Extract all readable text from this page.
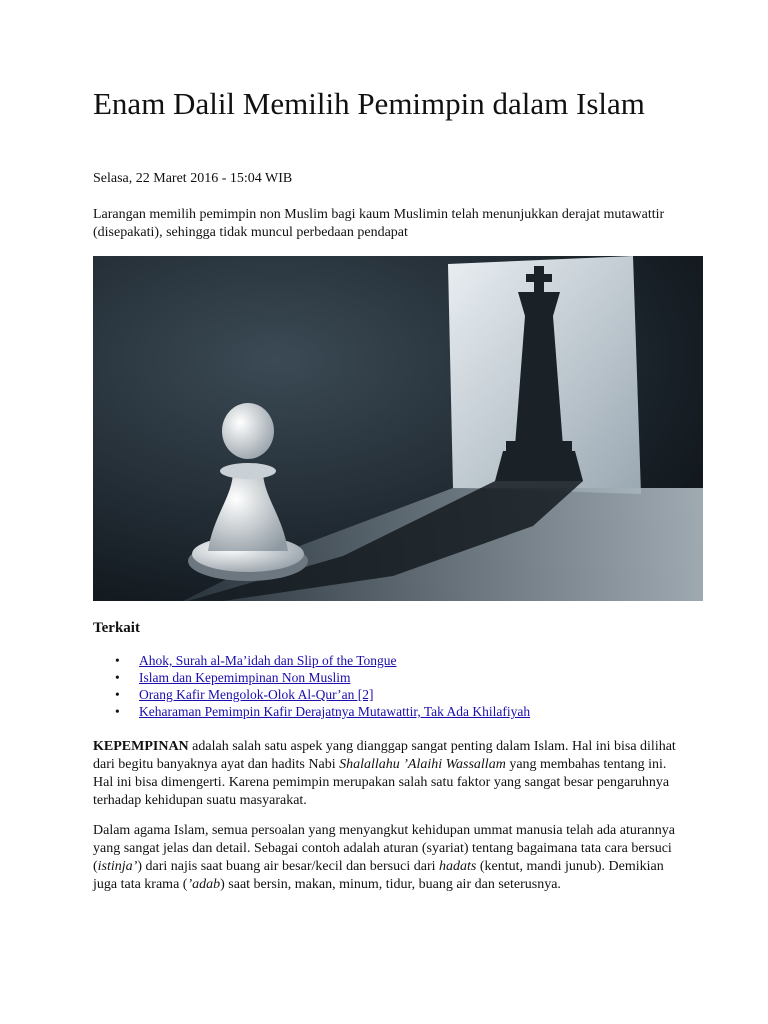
Enam Dalil Memilih Pemimpin dalam Islam
Selasa, 22 Maret 2016 - 15:04 WIB

Larangan memilih pemimpin non Muslim bagi kaum Muslimin telah menunjukkan derajat mutawattir (disepakati), sehingga tidak muncul perbedaan pendapat

Terkait
• Ahok, Surah al-Ma’idah dan Slip of the Tongue
• Islam dan Kepemimpinan Non Muslim
• Orang Kafir Mengolok-Olok Al-Qur’an [2]
• Keharaman Pemimpin Kafir Derajatnya Mutawattir, Tak Ada Khilafiyah

KEPEMPINAN adalah salah satu aspek yang dianggap sangat penting dalam Islam. Hal ini bisa dilihat dari begitu banyaknya ayat dan hadits Nabi Shalallahu ’Alaihi Wassallam yang membahas tentang ini. Hal ini bisa dimengerti. Karena pemimpin merupakan salah satu faktor yang sangat besar pengaruhnya terhadap kehidupan suatu masyarakat.

Dalam agama Islam, semua persoalan yang menyangkut kehidupan ummat manusia telah ada aturannya yang sangat jelas dan detail. Sebagai contoh adalah aturan (syariat) tentang bagaimana tata cara bersuci (istinja’) dari najis saat buang air besar/kecil dan bersuci dari hadats (kentut, mandi junub). Demikian juga tata krama (’adab) saat bersin, makan, minum, tidur, buang air dan seterusnya.
